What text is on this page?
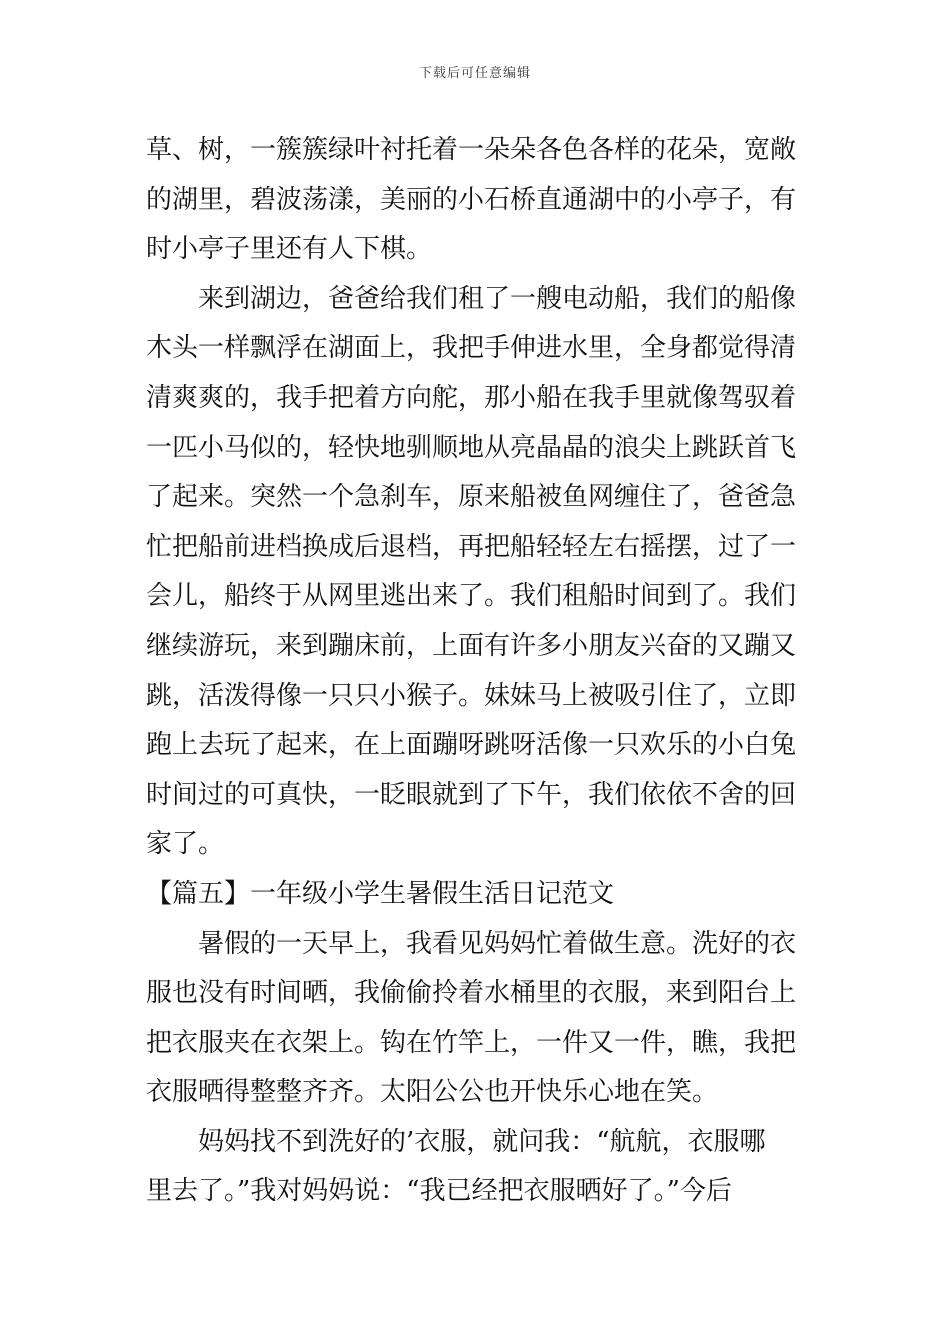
下载后可任意编辑
草、树，一簇簇绿叶衬托着一朵朵各色各样的花朵，宽敞
的湖里，碧波荡漾，美丽的小石桥直通湖中的小亭子，有
时小亭子里还有人下棋。
来到湖边，爸爸给我们租了一艘电动船，我们的船像
木头一样飘浮在湖面上，我把手伸进水里，全身都觉得清
清爽爽的，我手把着方向舵，那小船在我手里就像驾驭着
一匹小马似的，轻快地驯顺地从亮晶晶的浪尖上跳跃首飞
了起来。突然一个急刹车，原来船被鱼网缠住了，爸爸急
忙把船前进档换成后退档，再把船轻轻左右摇摆，过了一
会儿，船终于从网里逃出来了。我们租船时间到了。我们
继续游玩，来到蹦床前，上面有许多小朋友兴奋的又蹦又
跳，活泼得像一只只小猴子。妹妹马上被吸引住了，立即
跑上去玩了起来，在上面蹦呀跳呀活像一只欢乐的小白兔
时间过的可真快，一眨眼就到了下午，我们依依不舍的回
家了。
【篇五】一年级小学生暑假生活日记范文
暑假的一天早上，我看见妈妈忙着做生意。洗好的衣
服也没有时间晒，我偷偷拎着水桶里的衣服，来到阳台上
把衣服夹在衣架上。钩在竹竿上，一件又一件，瞧，我把
衣服晒得整整齐齐。太阳公公也开快乐心地在笑。
妈妈找不到洗好的’衣服，就问我：“航航，衣服哪
里去了。”我对妈妈说：“我已经把衣服晒好了。”今后
